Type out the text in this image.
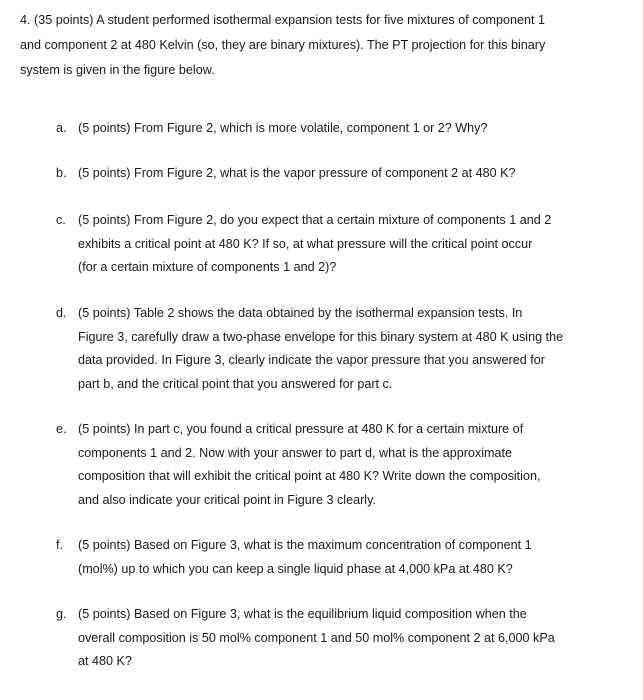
4. (35 points) A student performed isothermal expansion tests for five mixtures of component 1
and component 2 at 480 Kelvin (so, they are binary mixtures). The PT projection for this binary
system is given in the figure below.
a. (5 points) From Figure 2, which is more volatile, component 1 or 2? Why?
b. (5 points) From Figure 2, what is the vapor pressure of component 2 at 480 K?
c. (5 points) From Figure 2, do you expect that a certain mixture of components 1 and 2
exhibits a critical point at 480 K? If so, at what pressure will the critical point occur
(for a certain mixture of components 1 and 2)?
d. (5 points) Table 2 shows the data obtained by the isothermal expansion tests. In
Figure 3, carefully draw a two-phase envelope for this binary system at 480 K using the
data provided. In Figure 3, clearly indicate the vapor pressure that you answered for
part b, and the critical point that you answered for part c.
e. (5 points) In part c, you found a critical pressure at 480 K for a certain mixture of
components 1 and 2. Now with your answer to part d, what is the approximate
composition that will exhibit the critical point at 480 K? Write down the composition,
and also indicate your critical point in Figure 3 clearly.
f.	(5 points) Based on Figure 3, what is the maximum concentration of component 1
(mol%) up to which you can keep a single liquid phase at 4,000 kPa at 480 K?
g. (5 points) Based on Figure 3, what is the equilibrium liquid composition when the
overall composition is 50 mol% component 1 and 50 mol% component 2 at 6,000 kPa
at 480 K?
